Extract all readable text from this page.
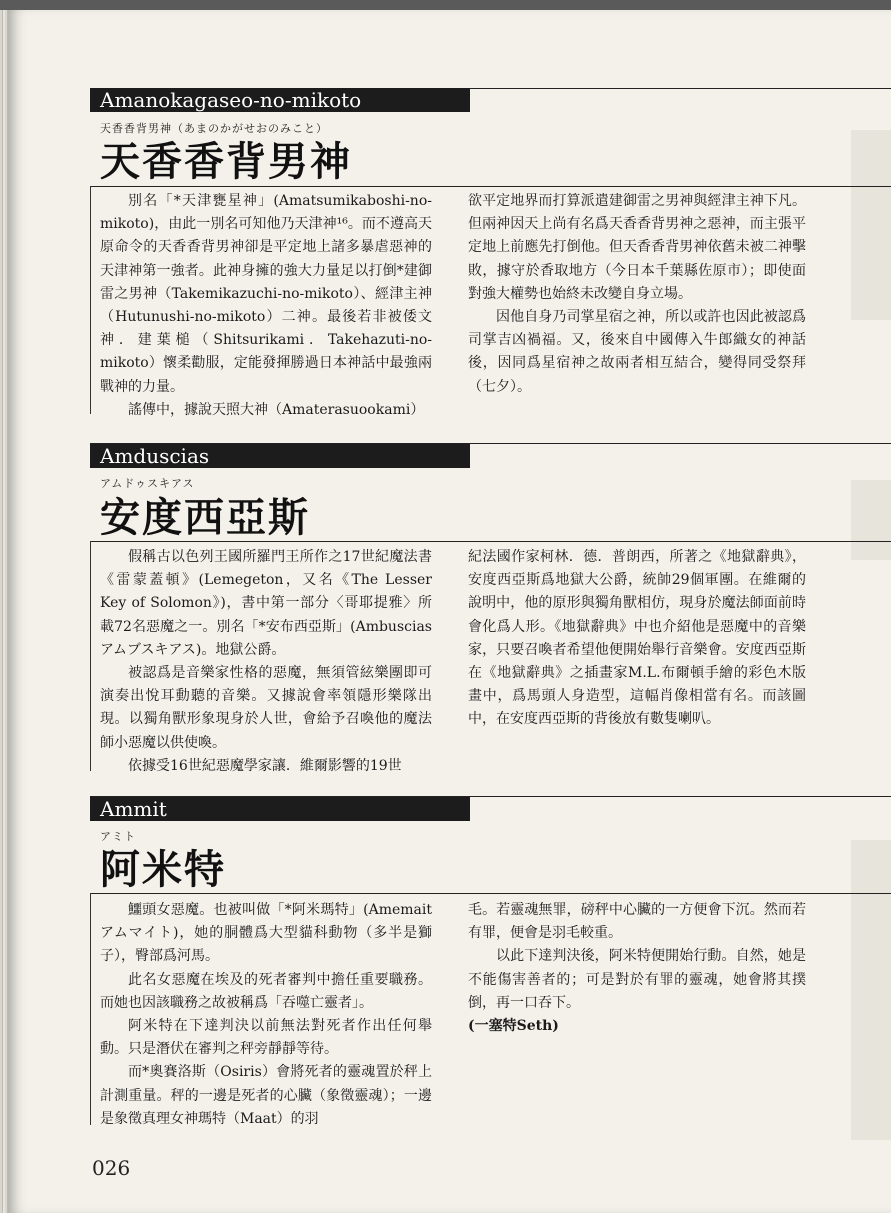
Amanokagaseo-no-mikoto
天香香背男神（あまのかがせおのみこと）
天香香背男神

別名「*天津甕星神」(Amatsumikaboshi-no-mikoto)，由此一別名可知他乃天津神¹⁶。而不遵高天原命令的天香香背男神卻是平定地上諸多暴虐惡神的天津神第一強者。此神身擁的強大力量足以打倒*建御雷之男神（Takemikazuchi-no-mikoto）、經津主神（Hutunushi-no-mikoto）二神。最後若非被倭文神．建葉槌（Shitsurikami．Takehazuti-no-mikoto）懷柔勸服，定能發揮勝過日本神話中最強兩戰神的力量。

謠傳中，據說天照大神（Amaterasuookami）

欲平定地界而打算派遣建御雷之男神與經津主神下凡。但兩神因天上尚有名爲天香香背男神之惡神，而主張平定地上前應先打倒他。但天香香背男神依舊未被二神擊敗，據守於香取地方（今日本千葉縣佐原市）；即使面對強大權勢也始終未改變自身立場。

因他自身乃司掌星宿之神，所以或許也因此被認爲司掌吉凶禍福。又，後來自中國傳入牛郎織女的神話後，因同爲星宿神之故兩者相互結合，變得同受祭拜（七夕）。

Amduscias
アムドゥスキアス
安度西亞斯

假稱古以色列王國所羅門王所作之17世紀魔法書《雷蒙蓋頓》(Lemegeton，又名《The Lesser Key of Solomon》)，書中第一部分〈哥耶提雅〉所載72名惡魔之一。別名「*安布西亞斯」(Ambuscias アムブスキアス)。地獄公爵。

被認爲是音樂家性格的惡魔，無須管絃樂團即可演奏出悅耳動聽的音樂。又據說會率領隱形樂隊出現。以獨角獸形象現身於人世，會給予召喚他的魔法師小惡魔以供使喚。

依據受16世紀惡魔學家讓．維爾影響的19世

紀法國作家柯林．德．普朗西，所著之《地獄辭典》，安度西亞斯爲地獄大公爵，統帥29個軍團。在維爾的說明中，他的原形與獨角獸相仿，現身於魔法師面前時會化爲人形。《地獄辭典》中也介紹他是惡魔中的音樂家，只要召喚者希望他便開始舉行音樂會。安度西亞斯在《地獄辭典》之插畫家M.L.布爾頓手繪的彩色木版畫中，爲馬頭人身造型，這幅肖像相當有名。而該圖中，在安度西亞斯的背後放有數隻喇叭。

Ammit
アミト
阿米特

鱷頭女惡魔。也被叫做「*阿米瑪特」(Amemait アムマイト)，她的胴體爲大型貓科動物（多半是獅子），臀部爲河馬。

此名女惡魔在埃及的死者審判中擔任重要職務。而她也因該職務之故被稱爲「吞噬亡靈者」。

阿米特在下達判決以前無法對死者作出任何舉動。只是潛伏在審判之秤旁靜靜等待。

而*奧賽洛斯（Osiris）會將死者的靈魂置於秤上計測重量。秤的一邊是死者的心臟（象徵靈魂）；一邊是象徵真理女神瑪特（Maat）的羽

毛。若靈魂無罪，磅秤中心臟的一方便會下沉。然而若有罪，便會是羽毛較重。

以此下達判決後，阿米特便開始行動。自然，她是不能傷害善者的；可是對於有罪的靈魂，她會將其撲倒，再一口吞下。

(一塞特Seth)

026
